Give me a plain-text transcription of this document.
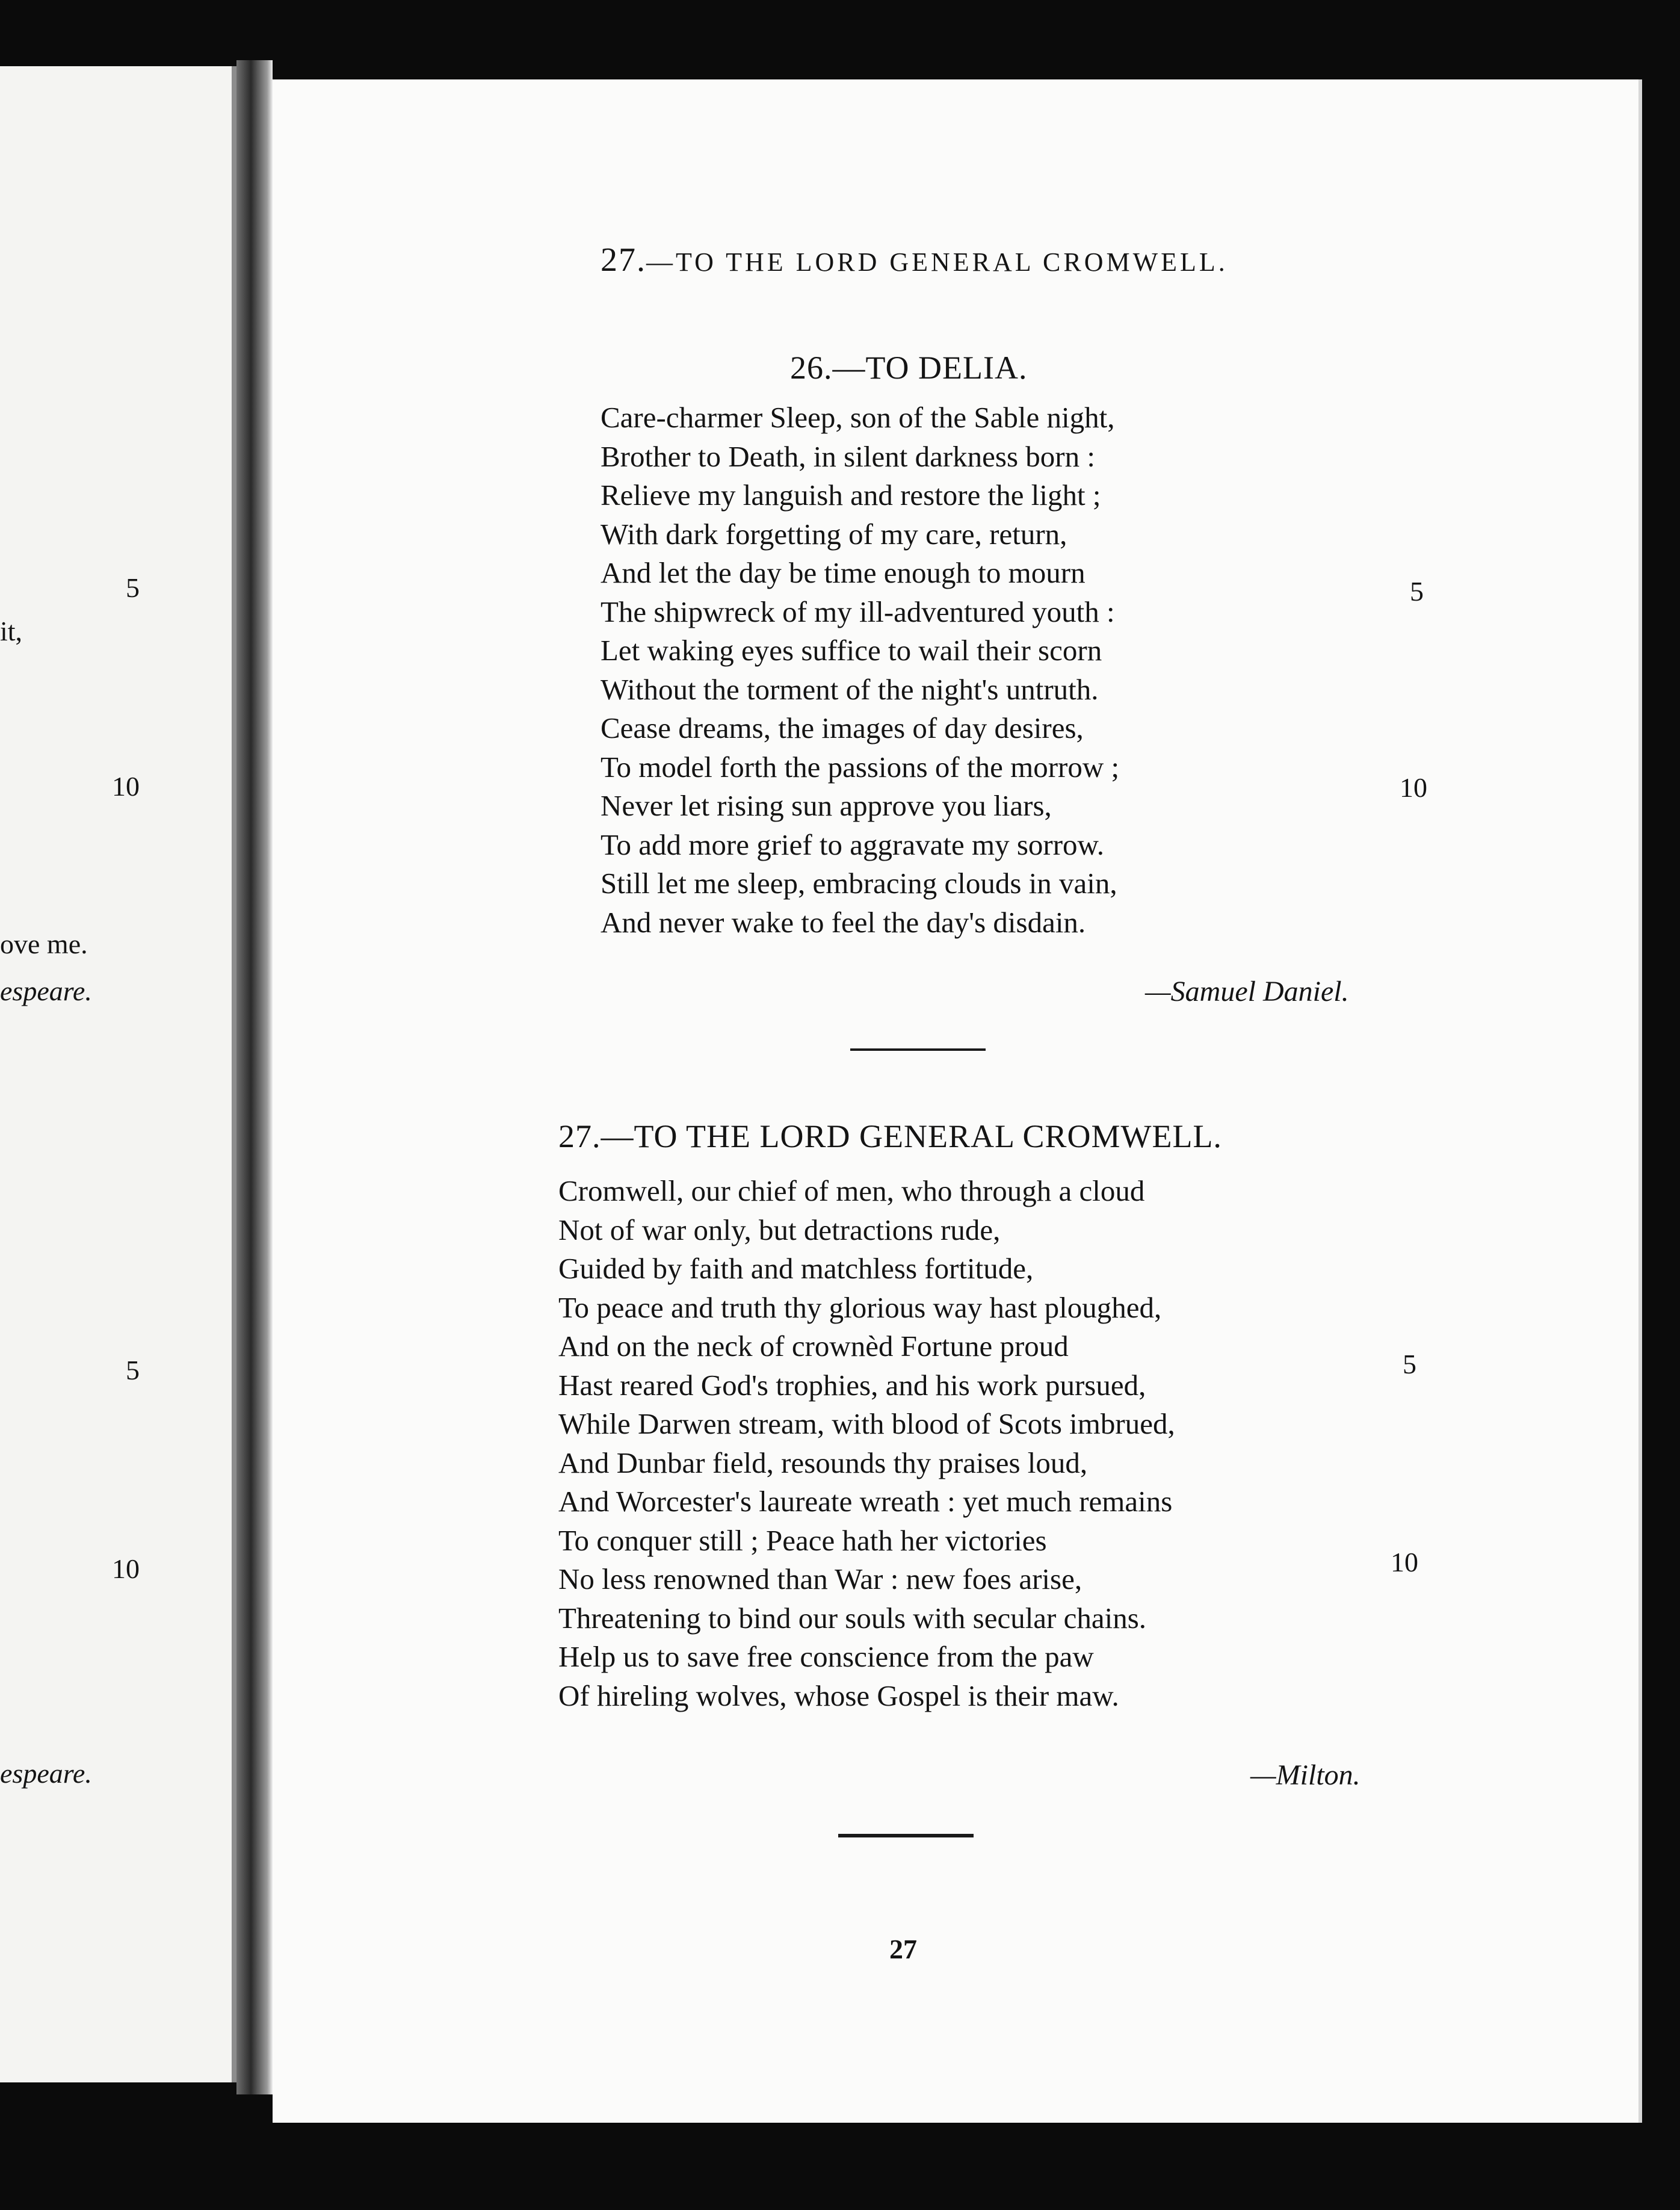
5
it,
10
ove me.
espeare.
5
10
espeare.
27.—TO THE LORD GENERAL CROMWELL.
26.—TO DELIA.
Care-charmer Sleep, son of the Sable night,
Brother to Death, in silent darkness born :
Relieve my languish and restore the light ;
With dark forgetting of my care, return,
And let the day be time enough to mourn
The shipwreck of my ill-adventured youth :
Let waking eyes suffice to wail their scorn
Without the torment of the night's untruth.
Cease dreams, the images of day desires,
To model forth the passions of the morrow ;
Never let rising sun approve you liars,
To add more grief to aggravate my sorrow.
Still let me sleep, embracing clouds in vain,
And never wake to feel the day's disdain.
5
10
—Samuel Daniel.
27.—TO THE LORD GENERAL CROMWELL.
Cromwell, our chief of men, who through a cloud
Not of war only, but detractions rude,
Guided by faith and matchless fortitude,
To peace and truth thy glorious way hast ploughed,
And on the neck of crownèd Fortune proud
Hast reared God's trophies, and his work pursued,
While Darwen stream, with blood of Scots imbrued,
And Dunbar field, resounds thy praises loud,
And Worcester's laureate wreath : yet much remains
To conquer still ; Peace hath her victories
No less renowned than War : new foes arise,
Threatening to bind our souls with secular chains.
Help us to save free conscience from the paw
Of hireling wolves, whose Gospel is their maw.
5
10
—Milton.
27
